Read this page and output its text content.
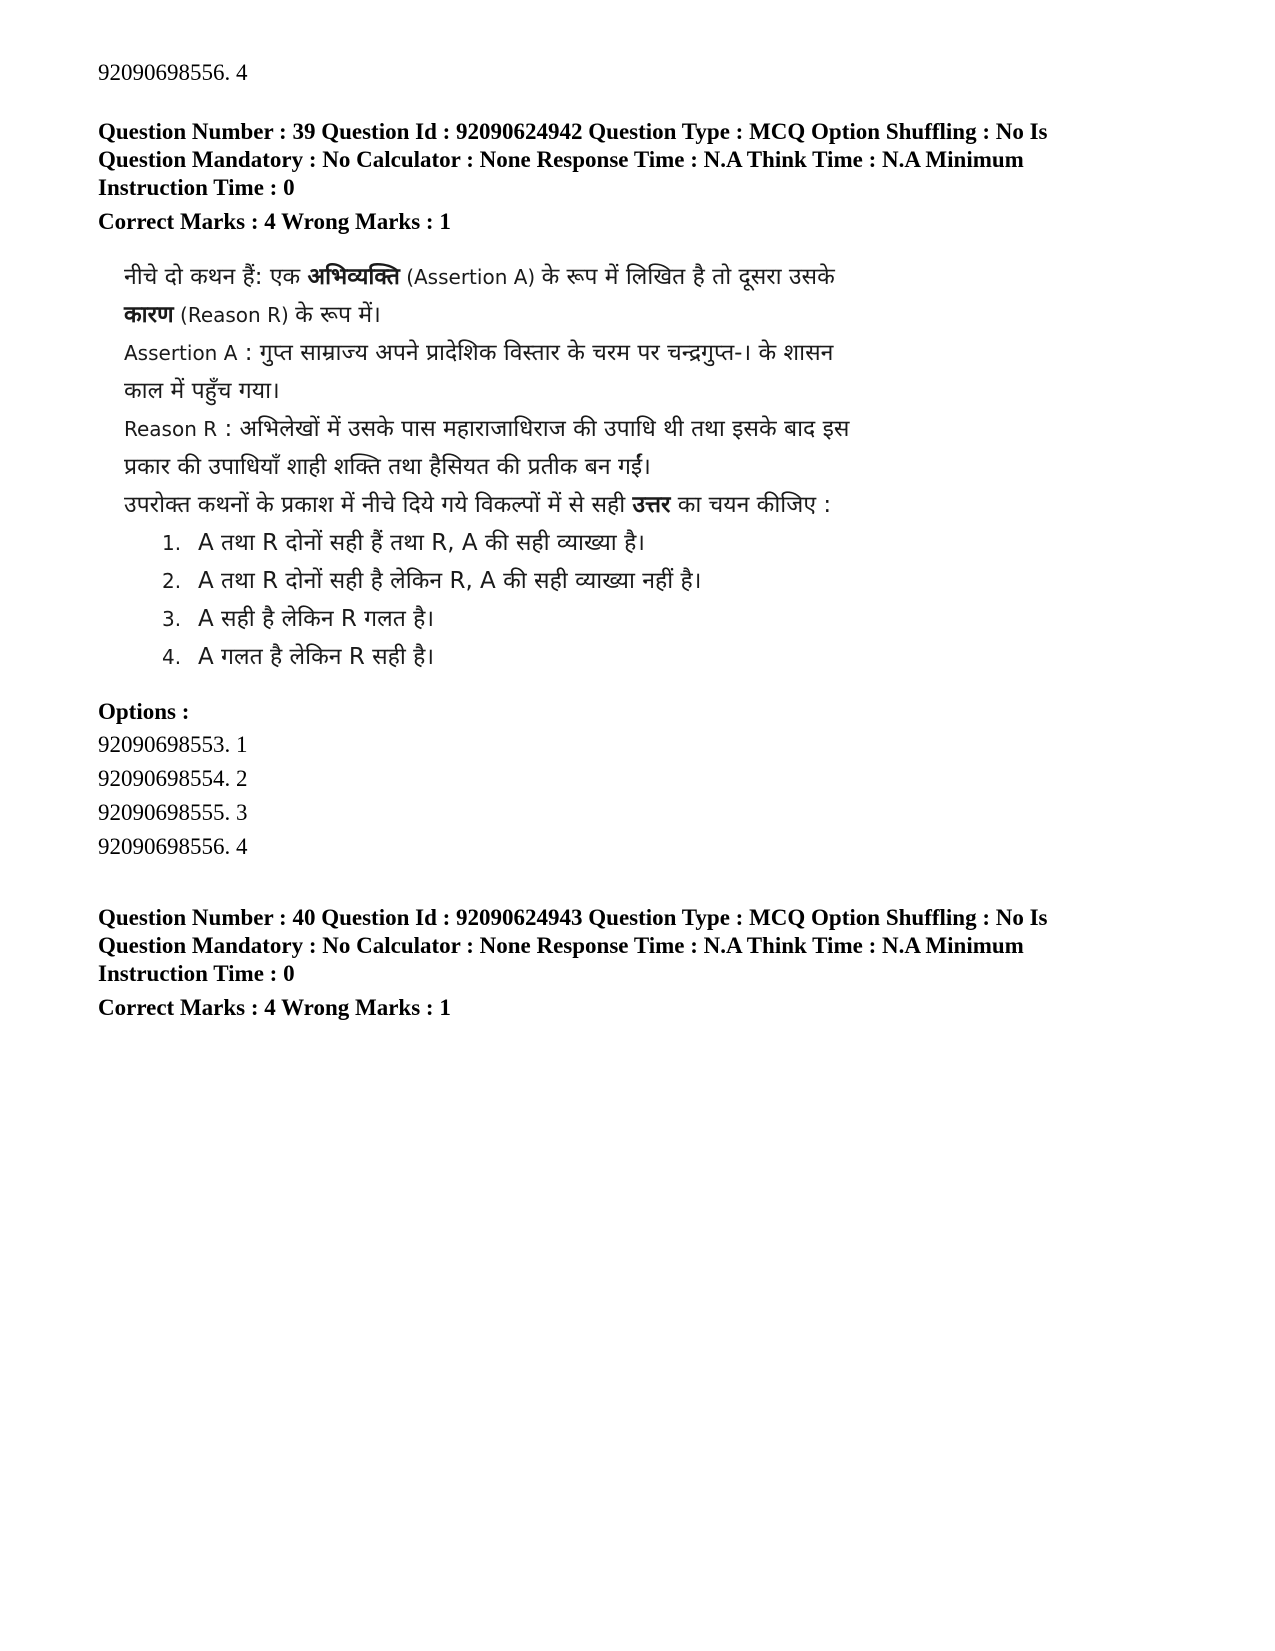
92090698556. 4

Question Number : 39 Question Id : 92090624942 Question Type : MCQ Option Shuffling : No Is

Question Mandatory : No Calculator : None Response Time : N.A Think Time : N.A Minimum

Instruction Time : 0

Correct Marks : 4 Wrong Marks : 1

नीचे दो कथन हैं: एक अभिव्यक्ति (Assertion A) के रूप में लिखित है तो दूसरा उसके

कारण (Reason R) के रूप में।

Assertion A : गुप्त साम्राज्य अपने प्रादेशिक विस्तार के चरम पर चन्द्रगुप्त-। के शासन

काल में पहुँच गया।

Reason R : अभिलेखों में उसके पास महाराजाधिराज की उपाधि थी तथा इसके बाद इस

प्रकार की उपाधियाँ शाही शक्ति तथा हैसियत की प्रतीक बन गईं।

उपरोक्त कथनों के प्रकाश में नीचे दिये गये विकल्पों में से सही उत्तर का चयन कीजिए :

1. A तथा R दोनों सही हैं तथा R, A की सही व्याख्या है।
2. A तथा R दोनों सही है लेकिन R, A की सही व्याख्या नहीं है।
3. A सही है लेकिन R गलत है।
4. A गलत है लेकिन R सही है।

Options :

92090698553. 1

92090698554. 2

92090698555. 3

92090698556. 4

Question Number : 40 Question Id : 92090624943 Question Type : MCQ Option Shuffling : No Is

Question Mandatory : No Calculator : None Response Time : N.A Think Time : N.A Minimum

Instruction Time : 0

Correct Marks : 4 Wrong Marks : 1
